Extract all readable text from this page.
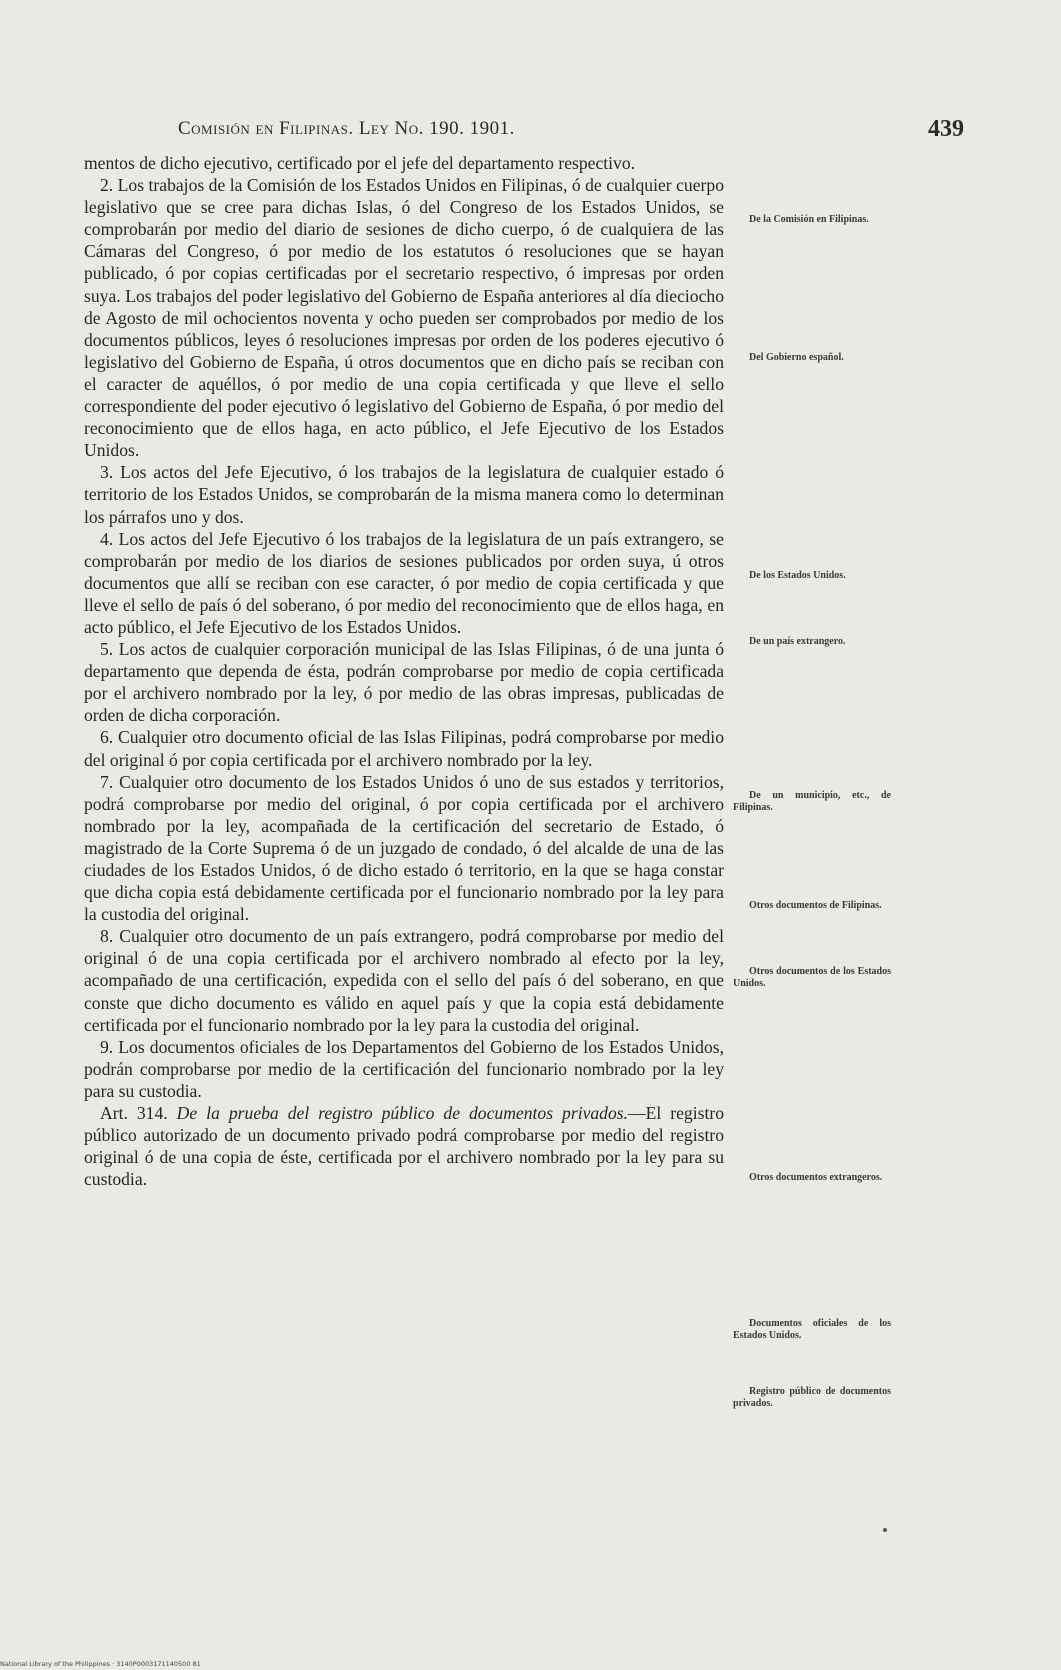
Comisión en Filipinas. Ley No. 190. 1901.	439

mentos de dicho ejecutivo, certificado por el jefe del departamento respectivo.

2. Los trabajos de la Comisión de los Estados Unidos en Filipinas, ó de cualquier cuerpo legislativo que se cree para dichas Islas, ó del Congreso de los Estados Unidos, se comprobarán por medio del diario de sesiones de dicho cuerpo, ó de cualquiera de las Cámaras del Congreso, ó por medio de los estatutos ó resoluciones que se hayan publicado, ó por copias certificadas por el secretario respectivo, ó impresas por orden suya. Los trabajos del poder legislativo del Gobierno de España anteriores al día dieciocho de Agosto de mil ochocientos noventa y ocho pueden ser comprobados por medio de los documentos públicos, leyes ó resoluciones impresas por orden de los poderes ejecutivo ó legislativo del Gobierno de España, ú otros documentos que en dicho país se reciban con el caracter de aquéllos, ó por medio de una copia certificada y que lleve el sello correspondiente del poder ejecutivo ó legislativo del Gobierno de España, ó por medio del reconocimiento que de ellos haga, en acto público, el Jefe Ejecutivo de los Estados Unidos.

3. Los actos del Jefe Ejecutivo, ó los trabajos de la legislatura de cualquier estado ó territorio de los Estados Unidos, se comprobarán de la misma manera como lo determinan los párrafos uno y dos.

4. Los actos del Jefe Ejecutivo ó los trabajos de la legislatura de un país extrangero, se comprobarán por medio de los diarios de sesiones publicados por orden suya, ú otros documentos que allí se reciban con ese caracter, ó por medio de copia certificada y que lleve el sello de país ó del soberano, ó por medio del reconocimiento que de ellos haga, en acto público, el Jefe Ejecutivo de los Estados Unidos.

5. Los actos de cualquier corporación municipal de las Islas Filipinas, ó de una junta ó departamento que dependa de ésta, podrán comprobarse por medio de copia certificada por el archivero nombrado por la ley, ó por medio de las obras impresas, publicadas de orden de dicha corporación.

6. Cualquier otro documento oficial de las Islas Filipinas, podrá comprobarse por medio del original ó por copia certificada por el archivero nombrado por la ley.

7. Cualquier otro documento de los Estados Unidos ó uno de sus estados y territorios, podrá comprobarse por medio del original, ó por copia certificada por el archivero nombrado por la ley, acompañada de la certificación del secretario de Estado, ó magistrado de la Corte Suprema ó de un juzgado de condado, ó del alcalde de una de las ciudades de los Estados Unidos, ó de dicho estado ó territorio, en la que se haga constar que dicha copia está debidamente certificada por el funcionario nombrado por la ley para la custodia del original.

8. Cualquier otro documento de un país extrangero, podrá comprobarse por medio del original ó de una copia certificada por el archivero nombrado al efecto por la ley, acompañado de una certificación, expedida con el sello del país ó del soberano, en que conste que dicho documento es válido en aquel país y que la copia está debidamente certificada por el funcionario nombrado por la ley para la custodia del original.

9. Los documentos oficiales de los Departamentos del Gobierno de los Estados Unidos, podrán comprobarse por medio de la certificación del funcionario nombrado por la ley para su custodia.

Art. 314. De la prueba del registro público de documentos privados.—El registro público autorizado de un documento privado podrá comprobarse por medio del registro original ó de una copia de éste, certificada por el archivero nombrado por la ley para su custodia.

De la Comisión en Filipinas.
Del Gobierno español.
De los Estados Unidos.
De un país extrangero.
De un municipio, etc., de Filipinas.
Otros documentos de Filipinas.
Otros documentos de los Estados Unidos.
Otros documentos extrangeros.
Documentos oficiales de los Estados Unidos.
Registro público de documentos privados.
National Library of the Philippines · 3140P0003171140500 81
